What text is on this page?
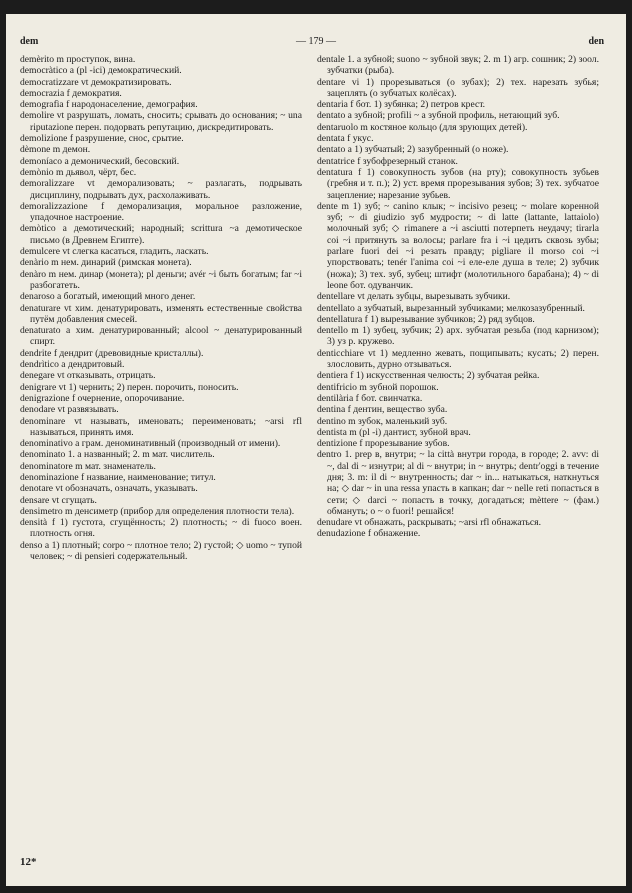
dem	— 179 —	den

demèrito m проступок, вина.

democràtico a (pl -ici) демократический.

democratizzare vt демократизировать.

democrazia f демократия.

demografìa f народонаселение, демография.

demolire vt разрушать, ломать, сносить; срывать до основания; ~ una riputazione перен. подорвать репутацию, дискредитировать.

demolizione f разрушение, снос, срытие.

dèmone m демон.

demoníaco a демонический, бесовский.

demònio m дьявол, чёрт, бес.

demoralizzare vt деморализовать; ~ разлагать, подрывать дисциплину, подрывать дух, расхолаживать.

demoralizzazione f деморализация, моральное разложение, упадочное настроение.

demòtico a демотический; народный; scrittura ~a демотическое письмо (в Древнем Египте).

demulcere vt слегка касаться, гладить, ласкать.

denàrio m нем. динарий (римская монета).

denàro m нем. динар (монета); pl деньги; avér ~i быть богатым; far ~i разбогатеть.

denaroso a богатый, имеющий много денег.

denaturare vt хим. денатурировать, изменять естественные свойства путём добавления смесей.

denaturato a хим. денатурированный; alcool ~ денатурированный спирт.

dendrite f дендрит (древовидные кристаллы).

dendrìtico a дендритовый.

denegare vt отказывать, отрицать.

denigrare vt 1) чернить; 2) перен. порочить, поносить.

denigrazione f очернение, опорочивание.

denodare vt развязывать.

denominare vt называть, именовать; переименовать; ~arsi rfl называться, принять имя.

denominativo a грам. деноминативный (производный от имени).

denominato 1. a названный; 2. m мат. числитель.

denominatore m мат. знаменатель.

denominazione f название, наименование; титул.

denotare vt обозначать, означать, указывать.

densare vt сгущать.

densimetro m денсиметр (прибор для определения плотности тела).

densità f 1) густота, сгущённость; 2) плотность; ~ di fuoco воен. плотность огня.

denso a 1) плотный; corpo ~ плотное тело; 2) густой; ◇ uomo ~ тупой человек; ~ di pensieri содержательный.

dentale 1. a зубной; suono ~ зубной звук; 2. m 1) агр. сошник; 2) зоол. зубчатки (рыба).

dentare vi 1) прорезываться (о зубах); 2) тех. нарезать зубья; зацеплять (о зубчатых колёсах).

dentaria f бот. 1) зубянка; 2) петров крест.

dentato a зубной; profili ~ a зубной профиль, нетающий зуб.

dentaruolo m костяное кольцо (для зрующих детей).

dentata f укус.

dentato a 1) зубчатый; 2) зазубренный (о ноже).

dentatrice f зубофрезерный станок.

dentatura f 1) совокупность зубов (на рту); совокупность зубьев (гребня и т. п.); 2) уст. время прорезывания зубов; 3) тех. зубчатое зацепление; нарезание зубьев.

dente m 1) зуб; ~ canino клык; ~ incisivo резец; ~ molare коренной зуб; ~ di giudizio зуб мудрости; ~ di latte (lattante, lattaiolo) молочный зуб; ◇ rimanere a ~i asciutti потерпеть неудачу; tirarla coi ~i притянуть за волосы; parlare fra i ~i цедить сквозь зубы; parlare fuori dei ~i резать правду; pigliare il morso coi ~i упорствовать; tenér l'anima coi ~i еле-еле душа в теле; 2) зубчик (ножа); 3) тех. зуб, зубец; штифт (молотильного барабана); 4) ~ di leone бот. одуванчик.

dentellare vt делать зубцы, вырезывать зубчики.

dentellato a зубчатый, вырезанный зубчиками; мелкозазубренный.

dentellatura f 1) вырезывание зубчиков; 2) ряд зубцов.

dentello m 1) зубец, зубчик; 2) арх. зубчатая резьба (под карнизом); 3) уз р. кружево.

denticchiare vt 1) медленно жевать, пощипывать; кусать; 2) перен. злословить, дурно отзываться.

dentiera f 1) искусственная челюсть; 2) зубчатая рейка.

dentifricio m зубной порошок.

dentilària f бот. свинчатка.

dentina f дентин, вещество зуба.

dentino m зубок, маленький зуб.

dentista m (pl -i) дантист, зубной врач.

dentizione f прорезывание зубов.

dentro 1. prep в, внутри; ~ la città внутри города, в городе; 2. avv: di ~, dal di ~ изнутри; al di ~ внутри; in ~ внутрь; dentr'oggi в течение дня; 3. m: il di ~ внутренность; dar ~ in... натыкаться, наткнуться на; ◇ dar ~ in una ressa упасть в капкан; dar ~ nelle reti попасться в сети; ◇ darci ~ попасть в точку, догадаться; mèttere ~ (фам.) обмануть; o ~ o fuori! решайся!

denudare vt обнажать, раскрывать; ~arsi rfl обнажаться.

denudazione f обнажение.

12*
